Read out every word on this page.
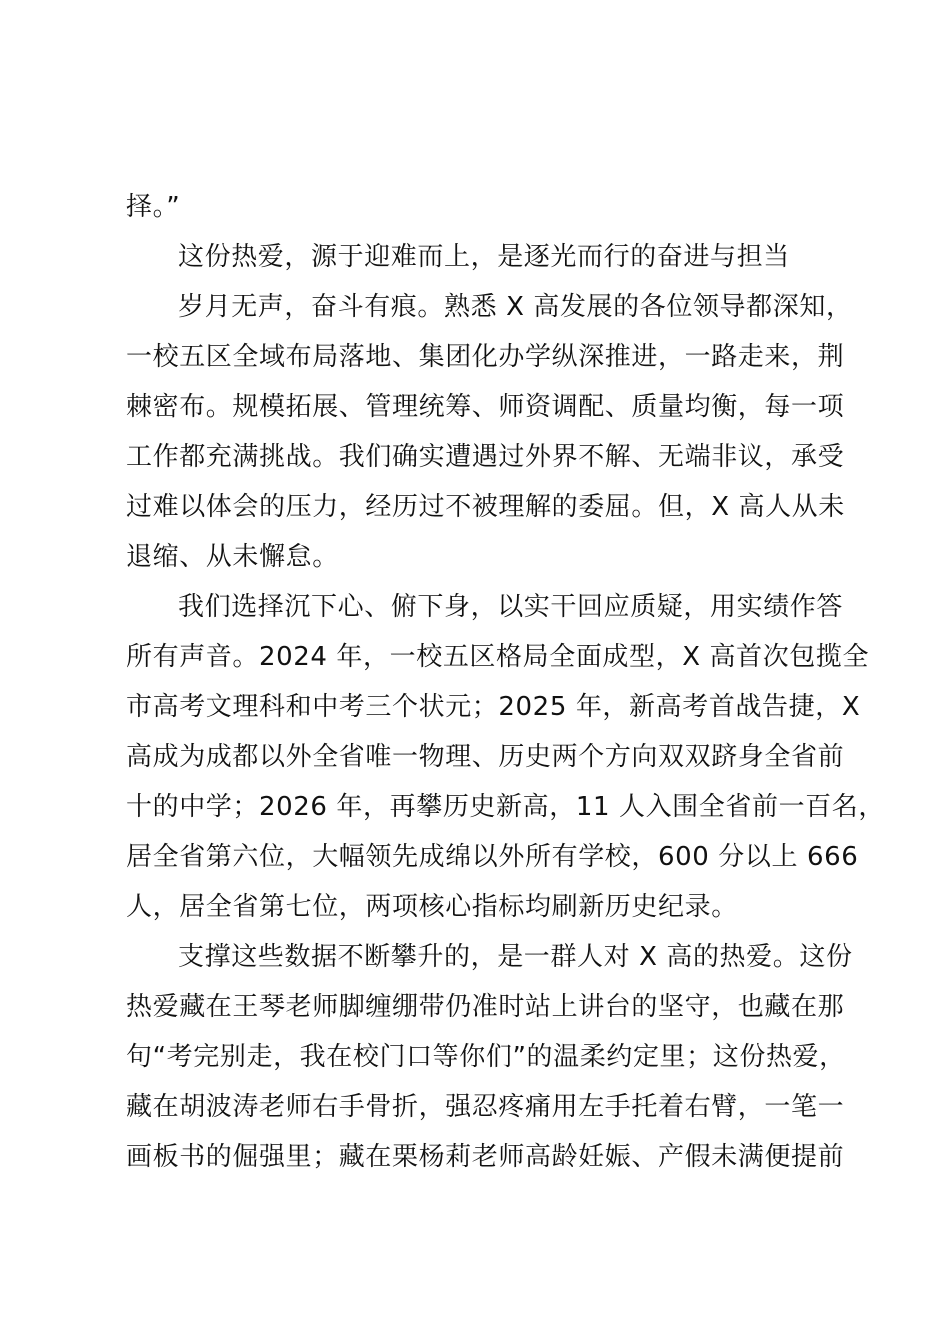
择。”
这份热爱，源于迎难而上，是逐光而行的奋进与担当
岁月无声，奋斗有痕。熟悉 X 高发展的各位领导都深知，
一校五区全域布局落地、集团化办学纵深推进，一路走来，荆
棘密布。规模拓展、管理统筹、师资调配、质量均衡，每一项
工作都充满挑战。我们确实遭遇过外界不解、无端非议，承受
过难以体会的压力，经历过不被理解的委屈。但，X 高人从未
退缩、从未懈怠。
我们选择沉下心、俯下身，以实干回应质疑，用实绩作答
所有声音。2024 年，一校五区格局全面成型，X 高首次包揽全
市高考文理科和中考三个状元；2025 年，新高考首战告捷，X
高成为成都以外全省唯一物理、历史两个方向双双跻身全省前
十的中学；2026 年，再攀历史新高，11 人入围全省前一百名，
居全省第六位，大幅领先成绵以外所有学校，600 分以上 666
人，居全省第七位，两项核心指标均刷新历史纪录。
支撑这些数据不断攀升的，是一群人对 X 高的热爱。这份
热爱藏在王琴老师脚缠绷带仍准时站上讲台的坚守，也藏在那
句“考完别走，我在校门口等你们”的温柔约定里；这份热爱，
藏在胡波涛老师右手骨折，强忍疼痛用左手托着右臂，一笔一
画板书的倔强里；藏在栗杨莉老师高龄妊娠、产假未满便提前
